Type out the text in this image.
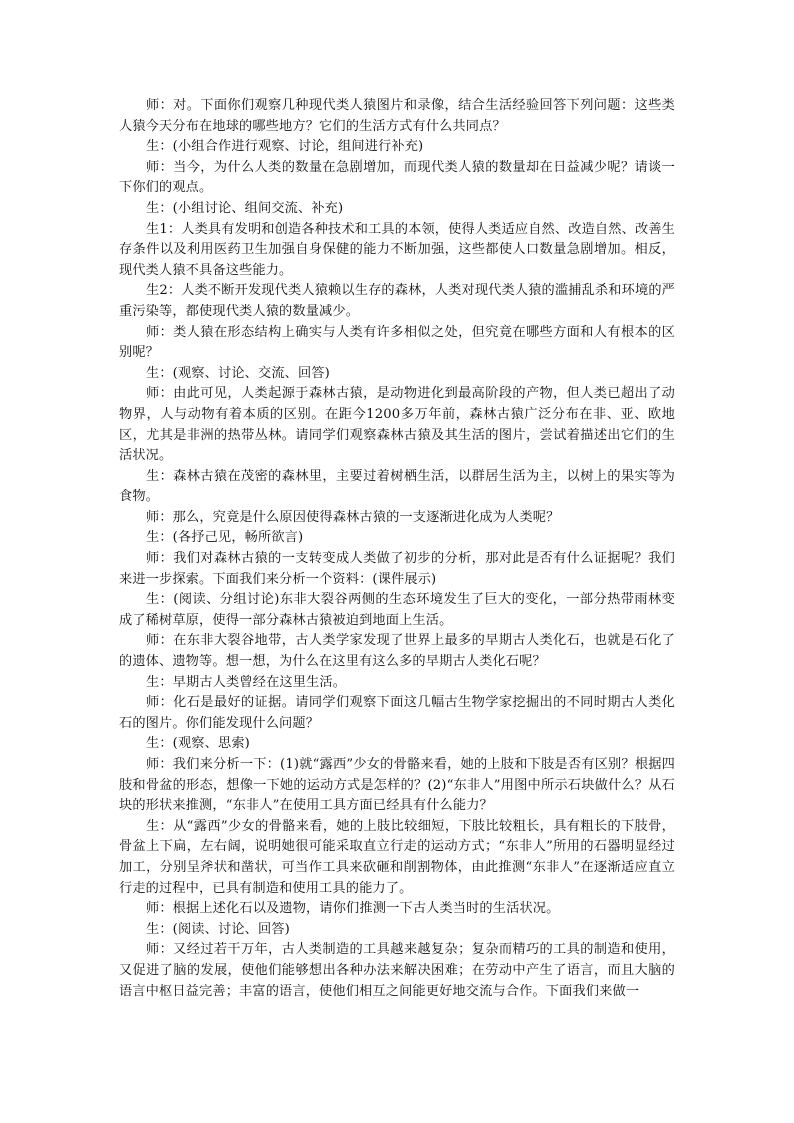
师：对。下面你们观察几种现代类人猿图片和录像，结合生活经验回答下列问题：这些类人猿今天分布在地球的哪些地方？它们的生活方式有什么共同点？

生：(小组合作进行观察、讨论，组间进行补充)

师：当今，为什么人类的数量在急剧增加，而现代类人猿的数量却在日益减少呢？请谈一下你们的观点。

生：(小组讨论、组间交流、补充)

生1：人类具有发明和创造各种技术和工具的本领，使得人类适应自然、改造自然、改善生存条件以及利用医药卫生加强自身保健的能力不断加强，这些都使人口数量急剧增加。相反，现代类人猿不具备这些能力。

生2：人类不断开发现代类人猿赖以生存的森林，人类对现代类人猿的滥捕乱杀和环境的严重污染等，都使现代类人猿的数量减少。

师：类人猿在形态结构上确实与人类有许多相似之处，但究竟在哪些方面和人有根本的区别呢？

生：(观察、讨论、交流、回答)

师：由此可见，人类起源于森林古猿，是动物进化到最高阶段的产物，但人类已超出了动物界，人与动物有着本质的区别。在距今1200多万年前，森林古猿广泛分布在非、亚、欧地区，尤其是非洲的热带丛林。请同学们观察森林古猿及其生活的图片，尝试着描述出它们的生活状况。

生：森林古猿在茂密的森林里，主要过着树栖生活，以群居生活为主，以树上的果实等为食物。

师：那么，究竟是什么原因使得森林古猿的一支逐渐进化成为人类呢？

生：(各抒己见，畅所欲言)

师：我们对森林古猿的一支转变成人类做了初步的分析，那对此是否有什么证据呢？我们来进一步探索。下面我们来分析一个资料：(课件展示)

生：(阅读、分组讨论)东非大裂谷两侧的生态环境发生了巨大的变化，一部分热带雨林变成了稀树草原，使得一部分森林古猿被迫到地面上生活。

师：在东非大裂谷地带，古人类学家发现了世界上最多的早期古人类化石，也就是石化了的遗体、遗物等。想一想，为什么在这里有这么多的早期古人类化石呢？

生：早期古人类曾经在这里生活。

师：化石是最好的证据。请同学们观察下面这几幅古生物学家挖掘出的不同时期古人类化石的图片。你们能发现什么问题？

生：(观察、思索)

师：我们来分析一下：(1)就“露西”少女的骨骼来看，她的上肢和下肢是否有区别？根据四肢和骨盆的形态，想像一下她的运动方式是怎样的？(2)“东非人”用图中所示石块做什么？从石块的形状来推测，“东非人”在使用工具方面已经具有什么能力？

生：从“露西”少女的骨骼来看，她的上肢比较细短，下肢比较粗长，具有粗长的下肢骨，骨盆上下扁，左右阔，说明她很可能采取直立行走的运动方式；“东非人”所用的石器明显经过加工，分别呈斧状和凿状，可当作工具来砍砸和削割物体，由此推测“东非人”在逐渐适应直立行走的过程中，已具有制造和使用工具的能力了。

师：根据上述化石以及遗物，请你们推测一下古人类当时的生活状况。

生：(阅读、讨论、回答)

师：又经过若干万年，古人类制造的工具越来越复杂；复杂而精巧的工具的制造和使用，又促进了脑的发展，使他们能够想出各种办法来解决困难；在劳动中产生了语言，而且大脑的语言中枢日益完善；丰富的语言，使他们相互之间能更好地交流与合作。下面我们来做一
